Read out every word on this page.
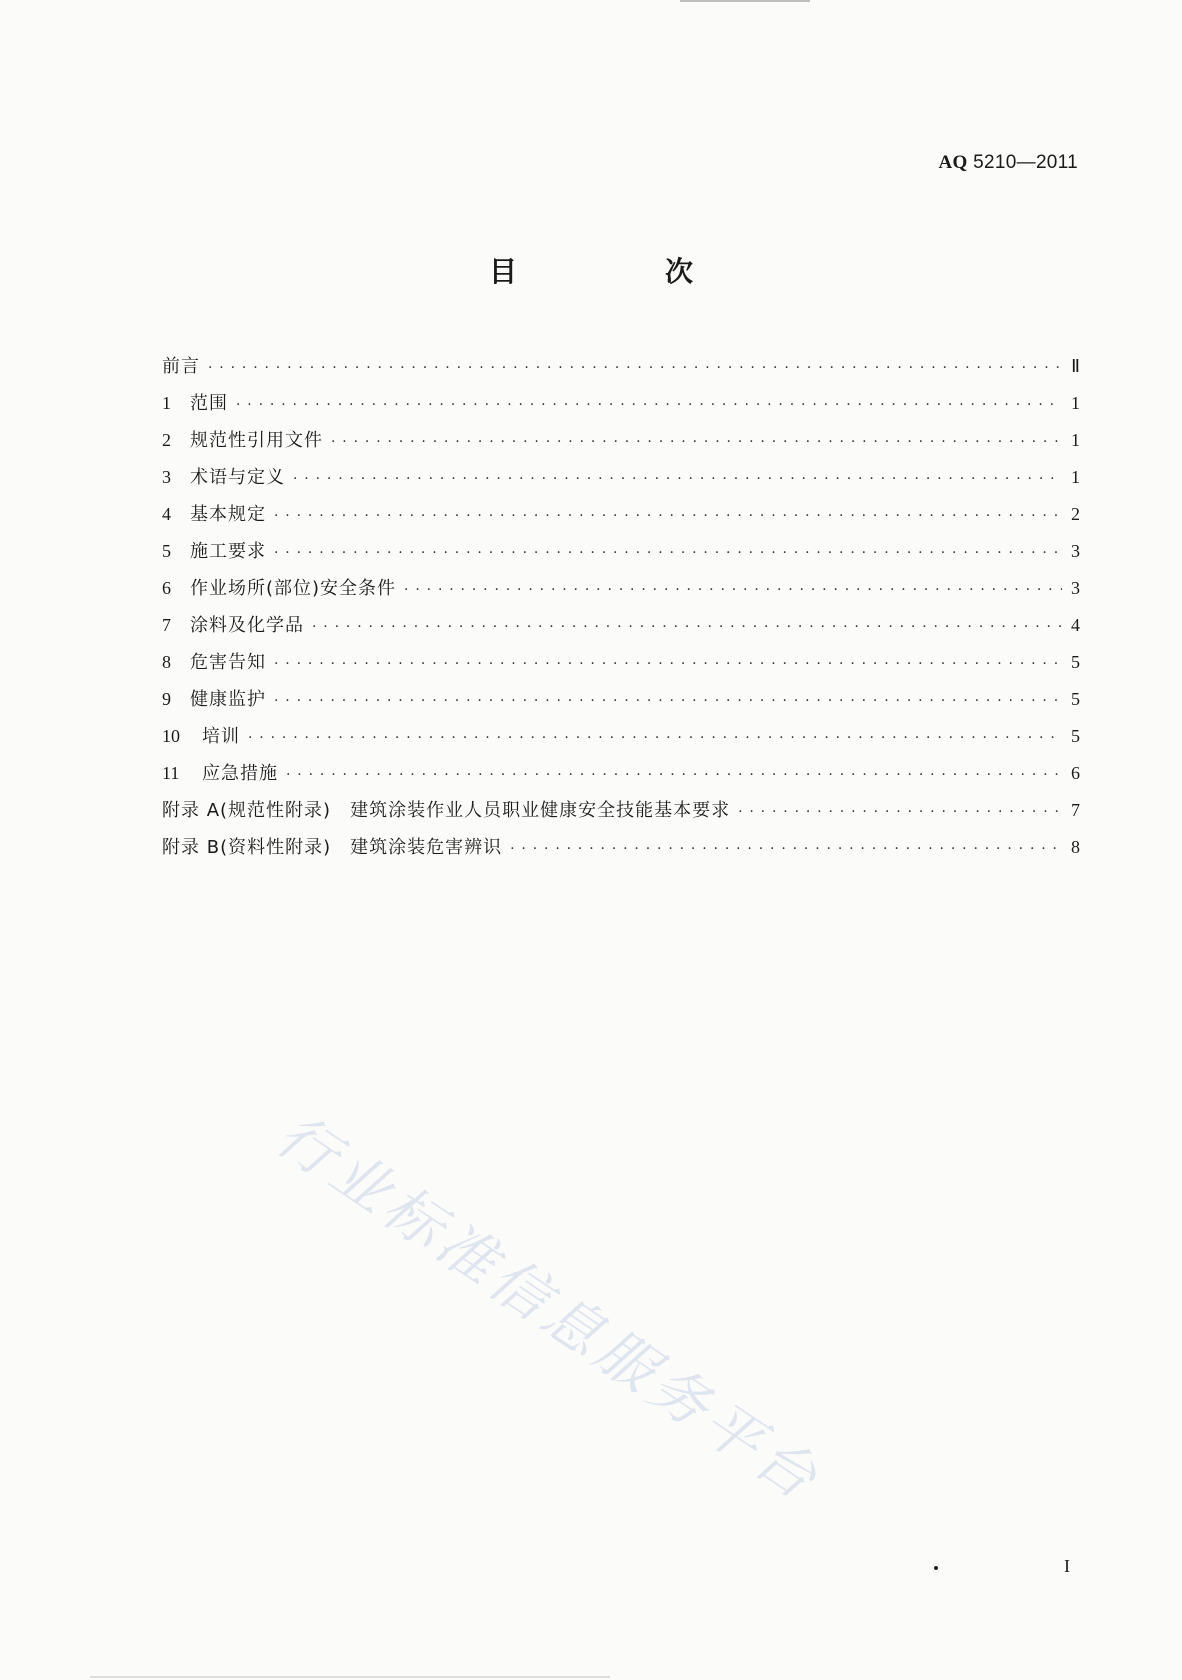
AQ 5210—2011
目　次
前言 · · ·	Ⅱ
1	范围 · · ·	1
2	规范性引用文件 · · ·	1
3	术语与定义 · · ·	1
4	基本规定 · · ·	2
5	施工要求 · · ·	3
6	作业场所(部位)安全条件 · · ·	3
7	涂料及化学品 · · ·	4
8	危害告知 · · ·	5
9	健康监护 · · ·	5
10	培训 · · ·	5
11	应急措施 · · ·	6
附录 A(规范性附录)　建筑涂装作业人员职业健康安全技能基本要求 · · ·	7
附录 B(资料性附录)　建筑涂装危害辨识 · · ·	8
行业标准信息服务平台
I
